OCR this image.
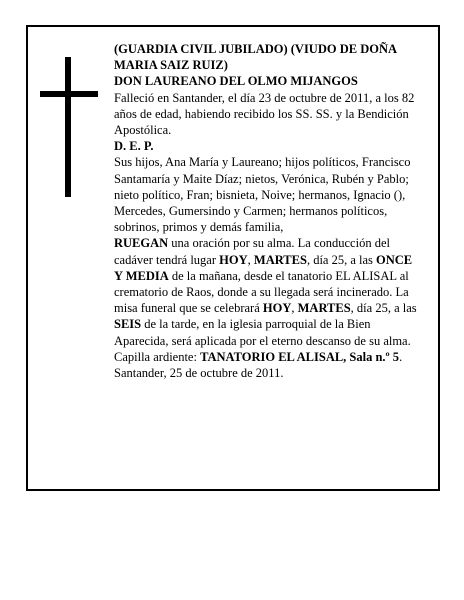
(GUARDIA CIVIL JUBILADO) (VIUDO DE DOÑA MARIA SAIZ RUIZ)

DON LAUREANO DEL OLMO MIJANGOS

Falleció en Santander, el día 23 de octubre de 2011, a los 82 años de edad, habiendo recibido los SS. SS. y la Bendición Apostólica.

D. E. P.

Sus hijos, Ana María y Laureano; hijos políticos, Francisco Santamaría y Maite Díaz; nietos, Verónica, Rubén y Pablo; nieto político, Fran; bisnieta, Noive; hermanos, Ignacio (), Mercedes, Gumersindo y Carmen; hermanos políticos, sobrinos, primos y demás familia,

RUEGAN una oración por su alma. La conducción del cadáver tendrá lugar HOY, MARTES, día 25, a las ONCE Y MEDIA de la mañana, desde el tanatorio EL ALISAL al crematorio de Raos, donde a su llegada será incinerado. La misa funeral que se celebrará HOY, MARTES, día 25, a las SEIS de la tarde, en la iglesia parroquial de la Bien Aparecida, será aplicada por el eterno descanso de su alma.

Capilla ardiente: TANATORIO EL ALISAL, Sala n.º 5.

Santander, 25 de octubre de 2011.
